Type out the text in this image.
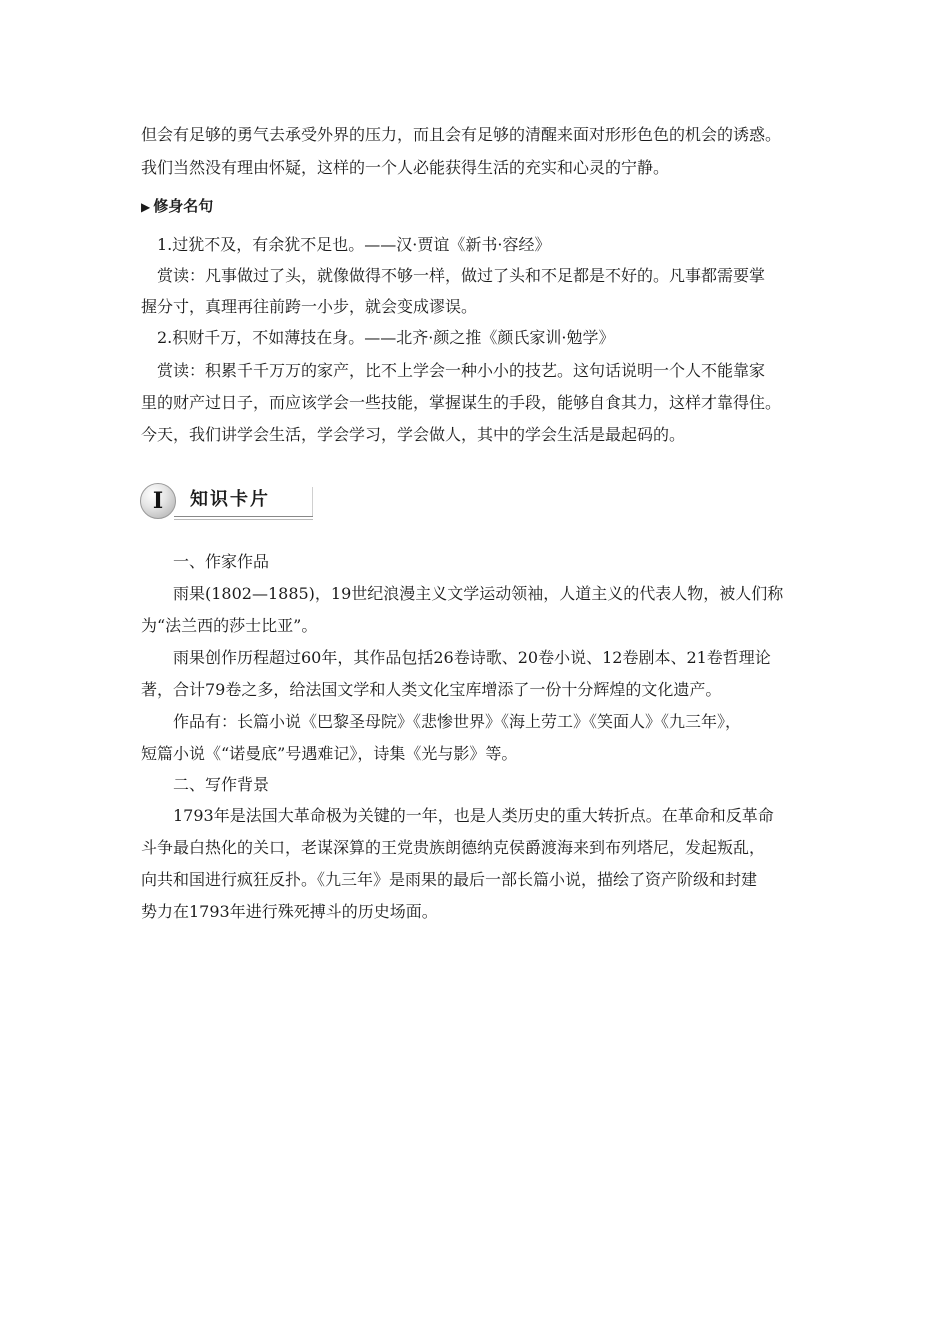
但会有足够的勇气去承受外界的压力，而且会有足够的清醒来面对形形色色的机会的诱惑。
我们当然没有理由怀疑，这样的一个人必能获得生活的充实和心灵的宁静。
▶ 修身名句
1.过犹不及，有余犹不足也。——汉·贾谊《新书·容经》
赏读：凡事做过了头，就像做得不够一样，做过了头和不足都是不好的。凡事都需要掌
握分寸，真理再往前跨一小步，就会变成谬误。
2.积财千万，不如薄技在身。——北齐·颜之推《颜氏家训·勉学》
赏读：积累千千万万的家产，比不上学会一种小小的技艺。这句话说明一个人不能靠家
里的财产过日子，而应该学会一些技能，掌握谋生的手段，能够自食其力，这样才靠得住。
今天，我们讲学会生活，学会学习，学会做人，其中的学会生活是最起码的。
I	知识卡片
一、作家作品
雨果(1802—1885)，19世纪浪漫主义文学运动领袖，人道主义的代表人物，被人们称
为“法兰西的莎士比亚”。
雨果创作历程超过60年，其作品包括26卷诗歌、20卷小说、12卷剧本、21卷哲理论
著，合计79卷之多，给法国文学和人类文化宝库增添了一份十分辉煌的文化遗产。
作品有：长篇小说《巴黎圣母院》《悲惨世界》《海上劳工》《笑面人》《九三年》，
短篇小说《“诺曼底”号遇难记》，诗集《光与影》等。
二、写作背景
1793年是法国大革命极为关键的一年，也是人类历史的重大转折点。在革命和反革命
斗争最白热化的关口，老谋深算的王党贵族朗德纳克侯爵渡海来到布列塔尼，发起叛乱，
向共和国进行疯狂反扑。《九三年》是雨果的最后一部长篇小说，描绘了资产阶级和封建
势力在1793年进行殊死搏斗的历史场面。
